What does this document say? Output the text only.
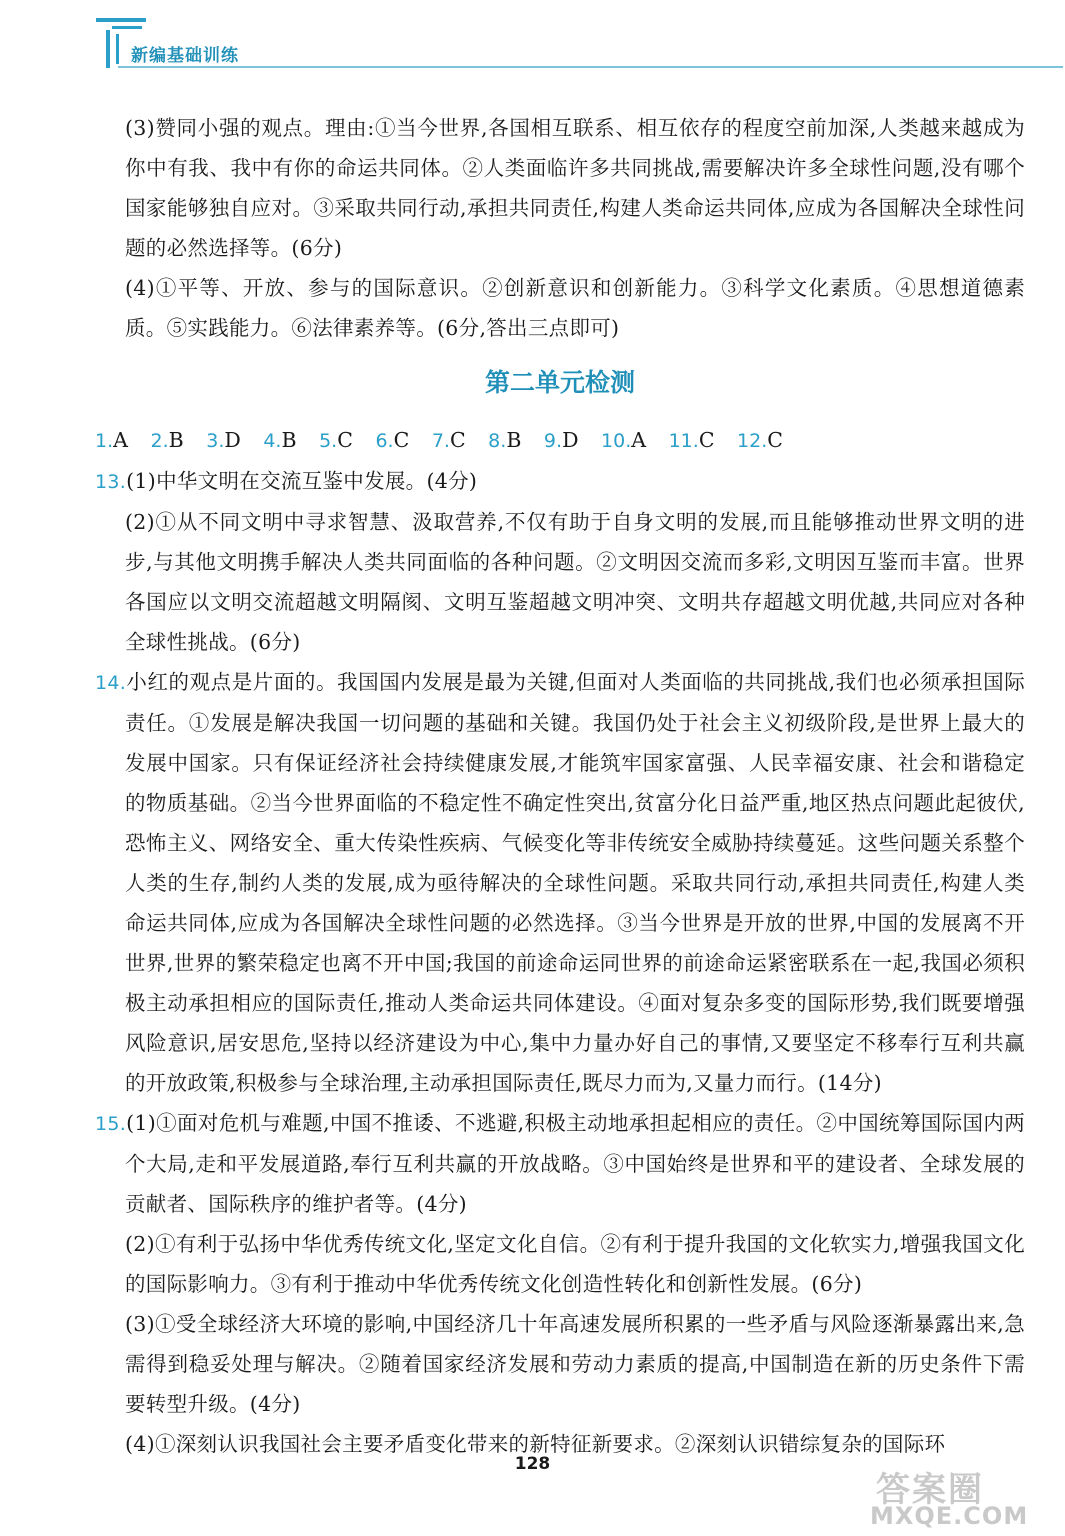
新编基础训练

(3)赞同小强的观点。理由:①当今世界,各国相互联系、相互依存的程度空前加深,人类越来越成为你中有我、我中有你的命运共同体。②人类面临许多共同挑战,需要解决许多全球性问题,没有哪个国家能够独自应对。③采取共同行动,承担共同责任,构建人类命运共同体,应成为各国解决全球性问题的必然选择等。(6分)

(4)①平等、开放、参与的国际意识。②创新意识和创新能力。③科学文化素质。④思想道德素质。⑤实践能力。⑥法律素养等。(6分,答出三点即可)

第二单元检测
1.A 2.B 3.D 4.B 5.C 6.C 7.C 8.B 9.D 10.A 11.C 12.C

13.(1)中华文明在交流互鉴中发展。(4分)

(2)①从不同文明中寻求智慧、汲取营养,不仅有助于自身文明的发展,而且能够推动世界文明的进步,与其他文明携手解决人类共同面临的各种问题。②文明因交流而多彩,文明因互鉴而丰富。世界各国应以文明交流超越文明隔阂、文明互鉴超越文明冲突、文明共存超越文明优越,共同应对各种全球性挑战。(6分)

14.小红的观点是片面的。我国国内发展是最为关键,但面对人类面临的共同挑战,我们也必须承担国际责任。①发展是解决我国一切问题的基础和关键。我国仍处于社会主义初级阶段,是世界上最大的发展中国家。只有保证经济社会持续健康发展,才能筑牢国家富强、人民幸福安康、社会和谐稳定的物质基础。②当今世界面临的不稳定性不确定性突出,贫富分化日益严重,地区热点问题此起彼伏,恐怖主义、网络安全、重大传染性疾病、气候变化等非传统安全威胁持续蔓延。这些问题关系整个人类的生存,制约人类的发展,成为亟待解决的全球性问题。采取共同行动,承担共同责任,构建人类命运共同体,应成为各国解决全球性问题的必然选择。③当今世界是开放的世界,中国的发展离不开世界,世界的繁荣稳定也离不开中国;我国的前途命运同世界的前途命运紧密联系在一起,我国必须积极主动承担相应的国际责任,推动人类命运共同体建设。④面对复杂多变的国际形势,我们既要增强风险意识,居安思危,坚持以经济建设为中心,集中力量办好自己的事情,又要坚定不移奉行互利共赢的开放政策,积极参与全球治理,主动承担国际责任,既尽力而为,又量力而行。(14分)

15.(1)①面对危机与难题,中国不推诿、不逃避,积极主动地承担起相应的责任。②中国统筹国际国内两个大局,走和平发展道路,奉行互利共赢的开放战略。③中国始终是世界和平的建设者、全球发展的贡献者、国际秩序的维护者等。(4分)

(2)①有利于弘扬中华优秀传统文化,坚定文化自信。②有利于提升我国的文化软实力,增强我国文化的国际影响力。③有利于推动中华优秀传统文化创造性转化和创新性发展。(6分)

(3)①受全球经济大环境的影响,中国经济几十年高速发展所积累的一些矛盾与风险逐渐暴露出来,急需得到稳妥处理与解决。②随着国家经济发展和劳动力素质的提高,中国制造在新的历史条件下需要转型升级。(4分)

(4)①深刻认识我国社会主要矛盾变化带来的新特征新要求。②深刻认识错综复杂的国际环

128
答案圈
MXQE.COM
